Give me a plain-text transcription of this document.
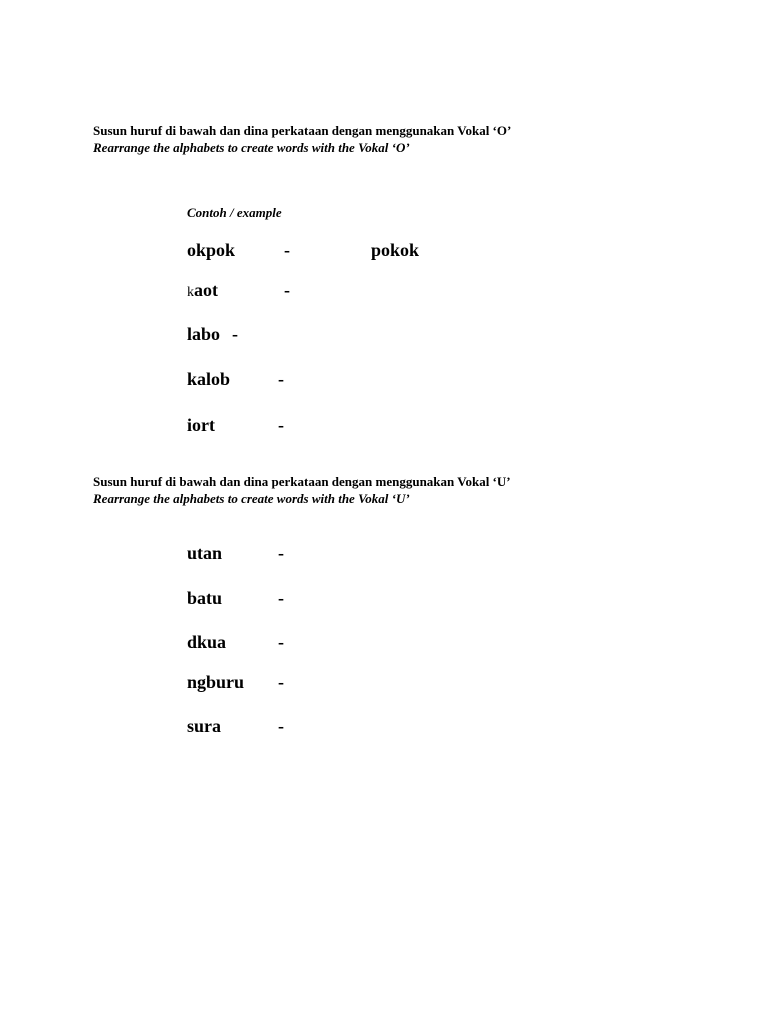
Susun huruf di bawah dan dina perkataan dengan menggunakan Vokal ‘O’
Rearrange the alphabets to create words with the Vokal ‘O’
Contoh / example
okpok	-	pokok
kaot	-
labo -
kalob	-
iort	-
Susun huruf di bawah dan dina perkataan dengan menggunakan Vokal ‘U’
Rearrange the alphabets to create words with the Vokal ‘U’
utan	-
batu	-
dkua	-
ngburu -
sura	-
